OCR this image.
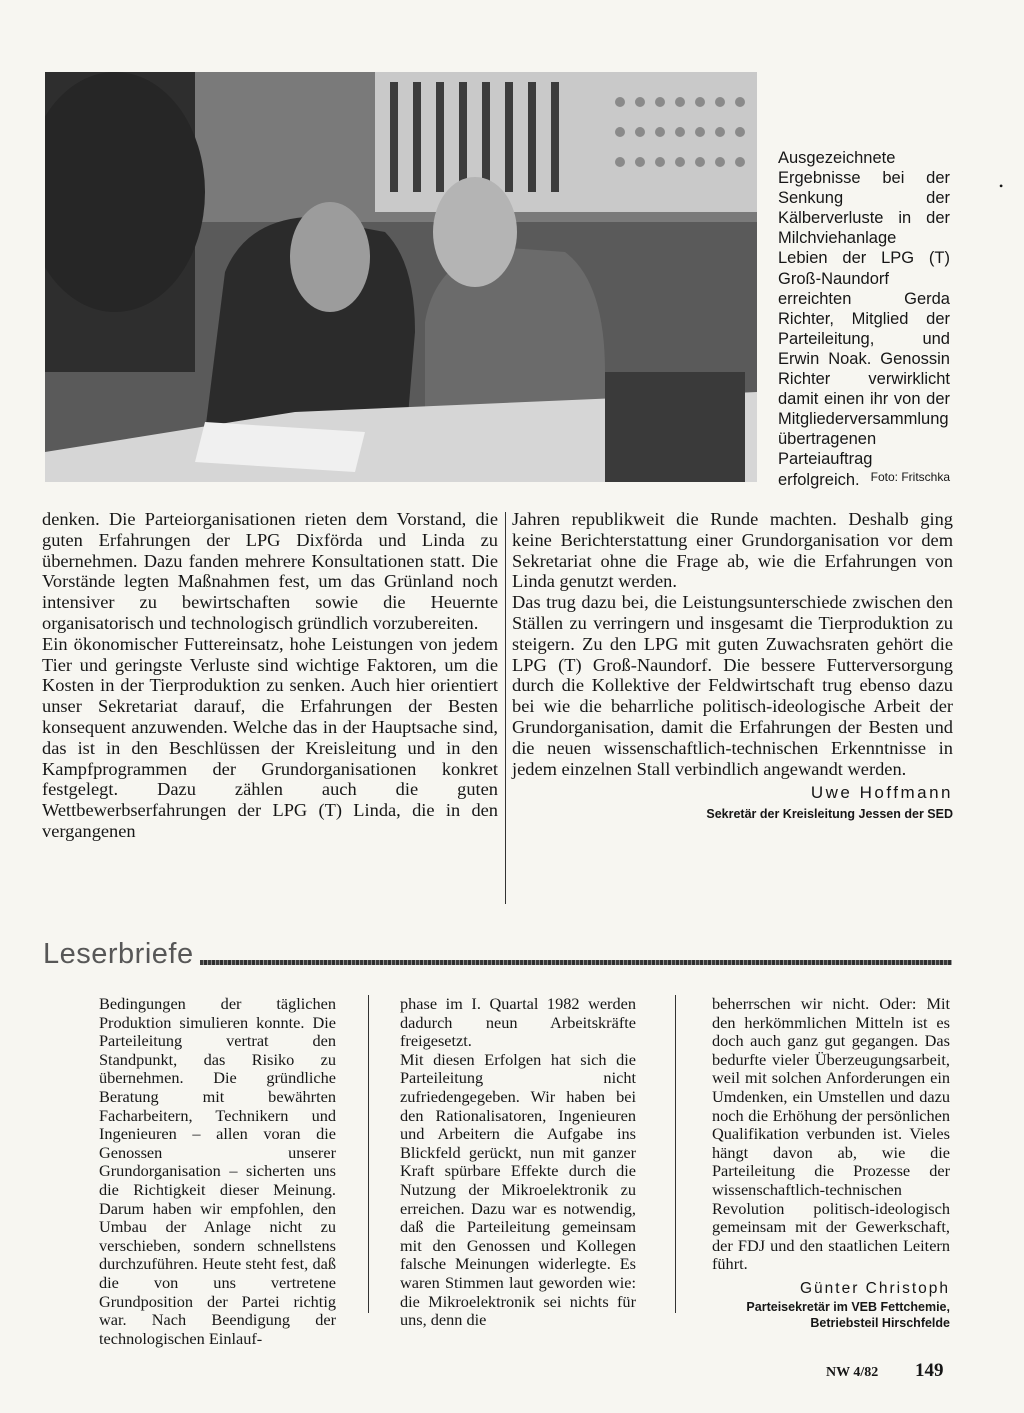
Ausgezeichnete Ergebnisse bei der Senkung der Kälberverluste in der Milchviehanlage Lebien der LPG (T) Groß-Naundorf erreichten Gerda Richter, Mitglied der Parteileitung, und Erwin Noak. Genossin Richter verwirklicht damit einen ihr von der Mitgliederversammlung übertragenen Parteiauftrag erfolgreich.
•
Foto: Fritschka

denken. Die Parteiorganisationen rieten dem Vorstand, die guten Erfahrungen der LPG Dixförda und Linda zu übernehmen. Dazu fanden mehrere Konsultationen statt. Die Vorstände legten Maßnahmen fest, um das Grünland noch intensiver zu bewirtschaften sowie die Heuernte organisatorisch und technologisch gründlich vorzubereiten.

Ein ökonomischer Futtereinsatz, hohe Leistungen von jedem Tier und geringste Verluste sind wichtige Faktoren, um die Kosten in der Tierproduktion zu senken. Auch hier orientiert unser Sekretariat darauf, die Erfahrungen der Besten konsequent anzuwenden. Welche das in der Hauptsache sind, das ist in den Beschlüssen der Kreisleitung und in den Kampfprogrammen der Grundorganisationen konkret festgelegt. Dazu zählen auch die guten Wettbewerbserfahrungen der LPG (T) Linda, die in den vergangenen

Jahren republikweit die Runde machten. Deshalb ging keine Berichterstattung einer Grundorganisation vor dem Sekretariat ohne die Frage ab, wie die Erfahrungen von Linda genutzt werden.

Das trug dazu bei, die Leistungsunterschiede zwischen den Ställen zu verringern und insgesamt die Tierproduktion zu steigern. Zu den LPG mit guten Zuwachsraten gehört die LPG (T) Groß-Naundorf. Die bessere Futterversorgung durch die Kollektive der Feldwirtschaft trug ebenso dazu bei wie die beharrliche politisch-ideologische Arbeit der Grundorganisation, damit die Erfahrungen der Besten und die neuen wissenschaftlich-technischen Erkenntnisse in jedem einzelnen Stall verbindlich angewandt werden.

Uwe Hoffmann
Sekretär der Kreisleitung Jessen der SED
Leserbriefe

Bedingungen der täglichen Produktion simulieren konnte. Die Parteileitung vertrat den Standpunkt, das Risiko zu übernehmen. Die gründliche Beratung mit bewährten Facharbeitern, Technikern und Ingenieuren – allen voran die Genossen unserer Grundorganisation – sicherten uns die Richtigkeit dieser Meinung. Darum haben wir empfohlen, den Umbau der Anlage nicht zu verschieben, sondern schnellstens durchzuführen. Heute steht fest, daß die von uns vertretene Grundposition der Partei richtig war. Nach Beendigung der technologischen Einlauf-

phase im I. Quartal 1982 werden dadurch neun Arbeitskräfte freigesetzt.

Mit diesen Erfolgen hat sich die Parteileitung nicht zufriedengegeben. Wir haben bei den Rationalisatoren, Ingenieuren und Arbeitern die Aufgabe ins Blickfeld gerückt, nun mit ganzer Kraft spürbare Effekte durch die Nutzung der Mikroelektronik zu erreichen. Dazu war es notwendig, daß die Parteileitung gemeinsam mit den Genossen und Kollegen falsche Meinungen widerlegte. Es waren Stimmen laut geworden wie: die Mikroelektronik sei nichts für uns, denn die

beherrschen wir nicht. Oder: Mit den herkömmlichen Mitteln ist es doch auch ganz gut gegangen. Das bedurfte vieler Überzeugungsarbeit, weil mit solchen Anforderungen ein Umdenken, ein Umstellen und dazu noch die Erhöhung der persönlichen Qualifikation verbunden ist. Vieles hängt davon ab, wie die Parteileitung die Prozesse der wissenschaftlich-technischen Revolution politisch-ideologisch gemeinsam mit der Gewerkschaft, der FDJ und den staatlichen Leitern führt.

Günter Christoph
Parteisekretär im VEB Fettchemie,
Betriebsteil Hirschfelde
NW 4/82 149
